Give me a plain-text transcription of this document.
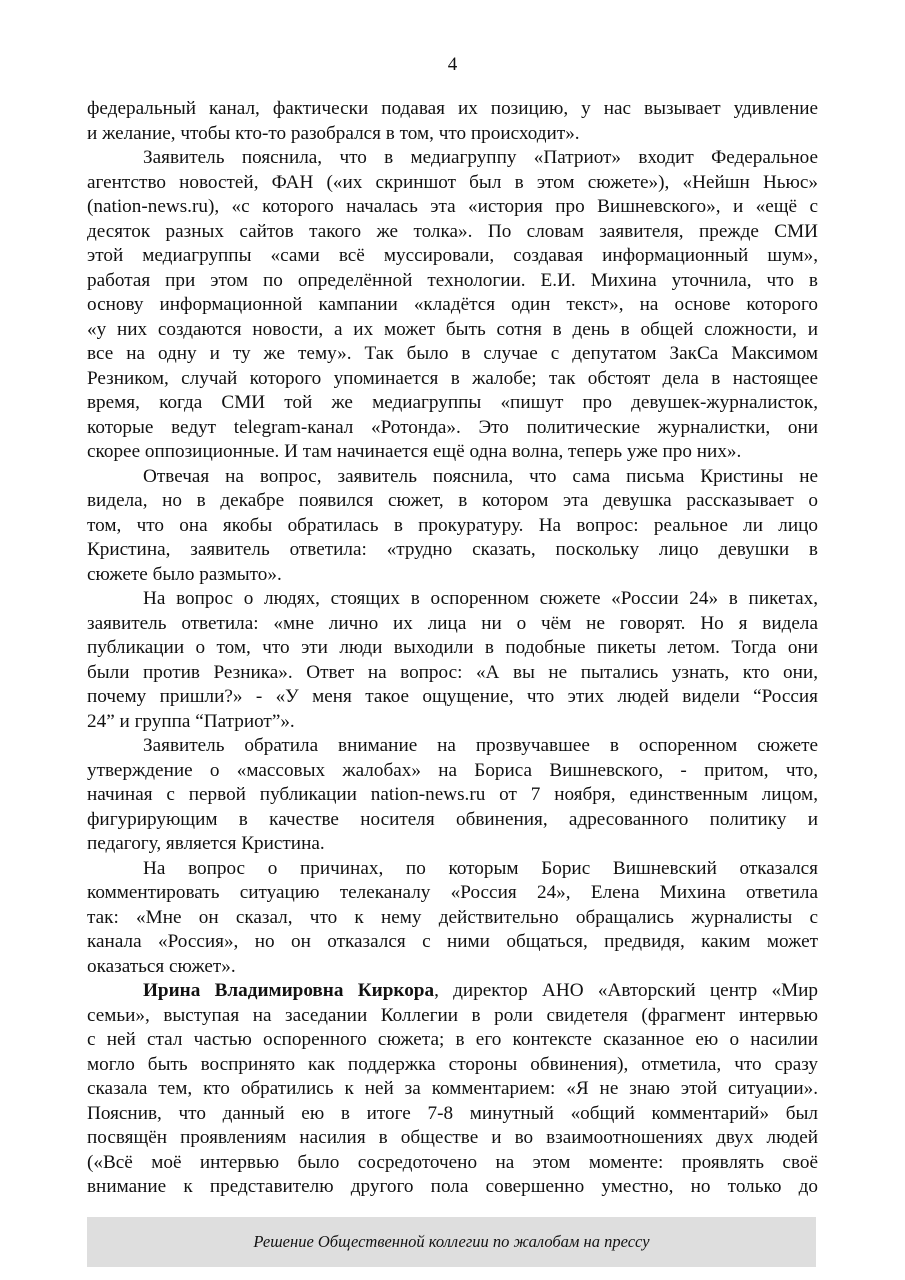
4
федеральный канал, фактически подавая их позицию, у нас вызывает удивление
и желание, чтобы кто-то разобрался в том, что происходит».
Заявитель пояснила, что в медиагруппу «Патриот» входит Федеральное
агентство новостей, ФАН («их скриншот был в этом сюжете»), «Нейшн Ньюс»
(nation-news.ru), «с которого началась эта «история про Вишневского», и «ещё с
десяток разных сайтов такого же толка». По словам заявителя, прежде СМИ
этой медиагруппы «сами всё муссировали, создавая информационный шум»,
работая при этом по определённой технологии. Е.И. Михина уточнила, что в
основу информационной кампании «кладётся один текст», на основе которого
«у них создаются новости, а их может быть сотня в день в общей сложности, и
все на одну и ту же тему». Так было в случае с депутатом ЗакСа Максимом
Резником, случай которого упоминается в жалобе; так обстоят дела в настоящее
время, когда СМИ той же медиагруппы «пишут про девушек-журналисток,
которые ведут telegram-канал «Ротонда». Это политические журналистки, они
скорее оппозиционные. И там начинается ещё одна волна, теперь уже про них».
Отвечая на вопрос, заявитель пояснила, что сама письма Кристины не
видела, но в декабре появился сюжет, в котором эта девушка рассказывает о
том, что она якобы обратилась в прокуратуру. На вопрос: реальное ли лицо
Кристина, заявитель ответила: «трудно сказать, поскольку лицо девушки в
сюжете было размыто».
На вопрос о людях, стоящих в оспоренном сюжете «России 24» в пикетах,
заявитель ответила: «мне лично их лица ни о чём не говорят. Но я видела
публикации о том, что эти люди выходили в подобные пикеты летом. Тогда они
были против Резника». Ответ на вопрос: «А вы не пытались узнать, кто они,
почему пришли?» - «У меня такое ощущение, что этих людей видели “Россия
24” и группа “Патриот”».
Заявитель обратила внимание на прозвучавшее в оспоренном сюжете
утверждение о «массовых жалобах» на Бориса Вишневского, - притом, что,
начиная с первой публикации nation-news.ru от 7 ноября, единственным лицом,
фигурирующим в качестве носителя обвинения, адресованного политику и
педагогу, является Кристина.
На вопрос о причинах, по которым Борис Вишневский отказался
комментировать ситуацию телеканалу «Россия 24», Елена Михина ответила
так: «Мне он сказал, что к нему действительно обращались журналисты с
канала «Россия», но он отказался с ними общаться, предвидя, каким может
оказаться сюжет».
Ирина Владимировна Киркора, директор АНО «Авторский центр «Мир
семьи», выступая на заседании Коллегии в роли свидетеля (фрагмент интервью
с ней стал частью оспоренного сюжета; в его контексте сказанное ею о насилии
могло быть воспринято как поддержка стороны обвинения), отметила, что сразу
сказала тем, кто обратились к ней за комментарием: «Я не знаю этой ситуации».
Пояснив, что данный ею в итоге 7-8 минутный «общий комментарий» был
посвящён проявлениям насилия в обществе и во взаимоотношениях двух людей
(«Всё моё интервью было сосредоточено на этом моменте: проявлять своё
внимание к представителю другого пола совершенно уместно, но только до
Решение Общественной коллегии по жалобам на прессу
